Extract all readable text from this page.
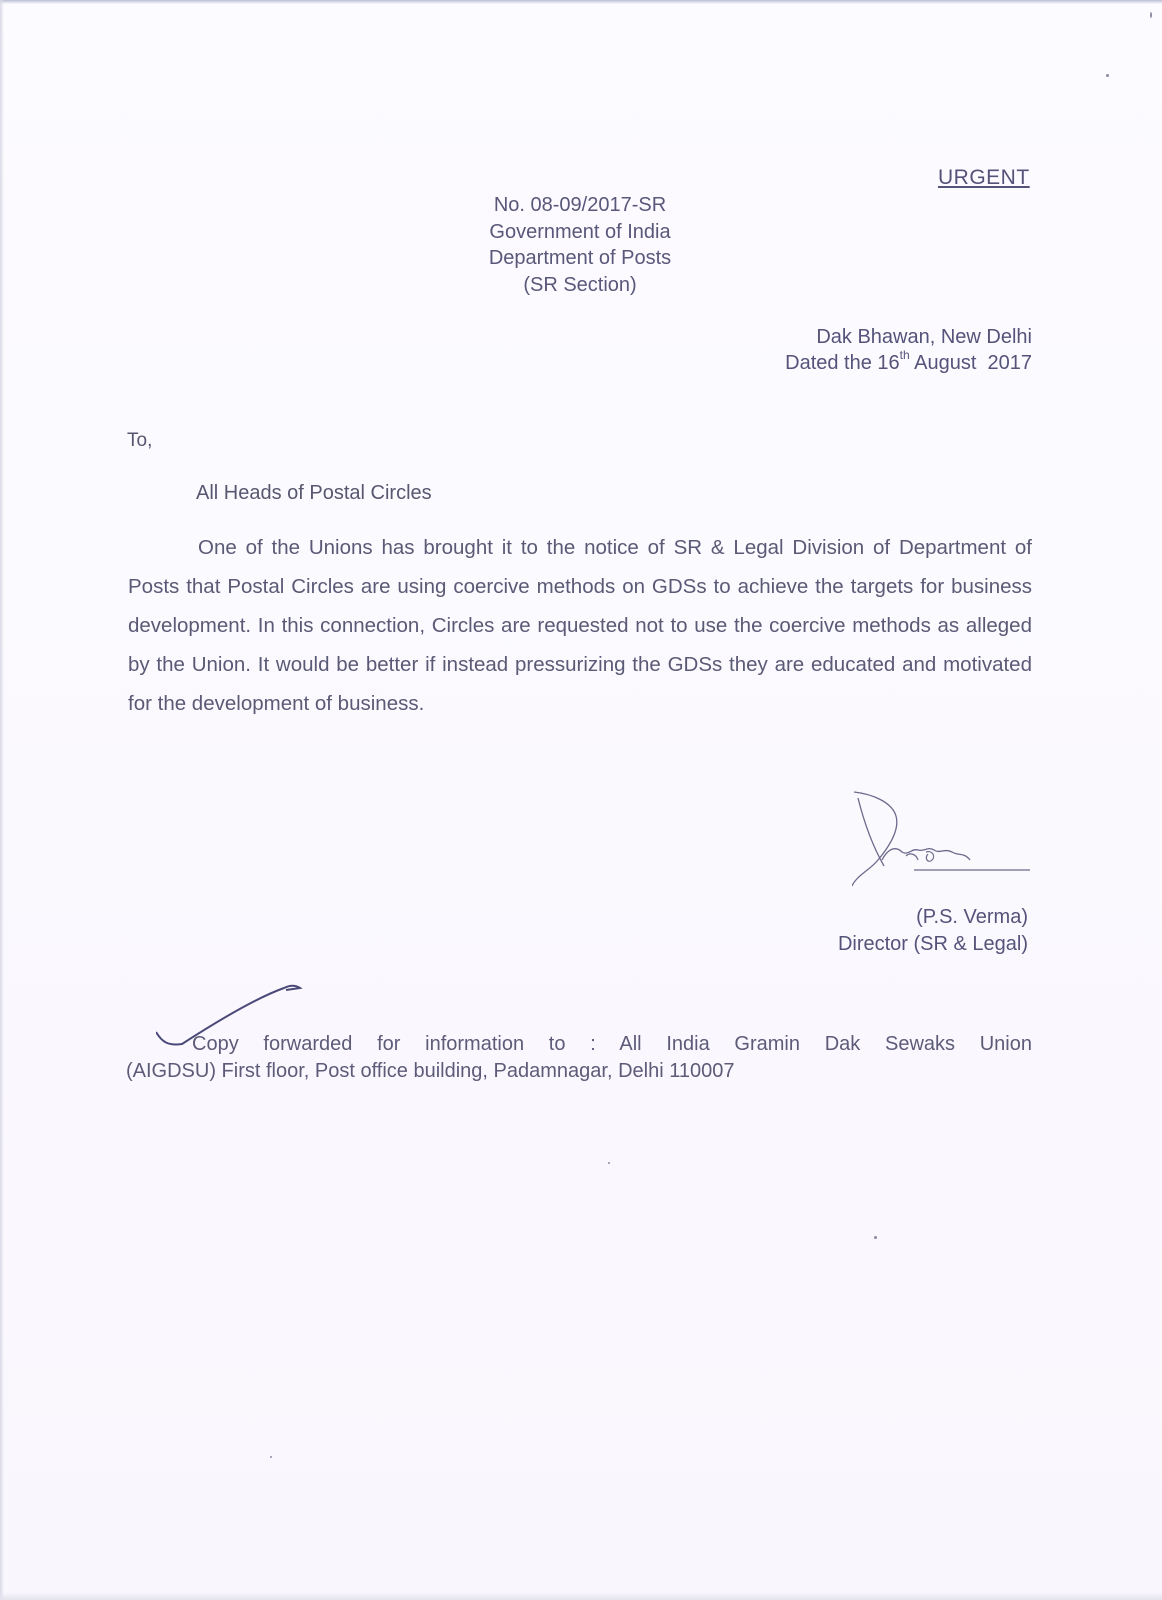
URGENT
No. 08-09/2017-SR
Government of India
Department of Posts
(SR Section)
Dak Bhawan, New Delhi
Dated the 16th August  2017
To,
All Heads of Postal Circles
One of the Unions has brought it to the notice of SR & Legal Division of Department of Posts that Postal Circles are using coercive methods on GDSs to achieve the targets for business development. In this connection, Circles are requested not to use the coercive methods as alleged by the Union. It would be better if instead pressurizing the GDSs they are educated and motivated for the development of business.
(P.S. Verma)
Director (SR & Legal)
Copy forwarded for information to : All India Gramin Dak Sewaks Union
(AIGDSU) First floor, Post office building, Padamnagar, Delhi 110007
